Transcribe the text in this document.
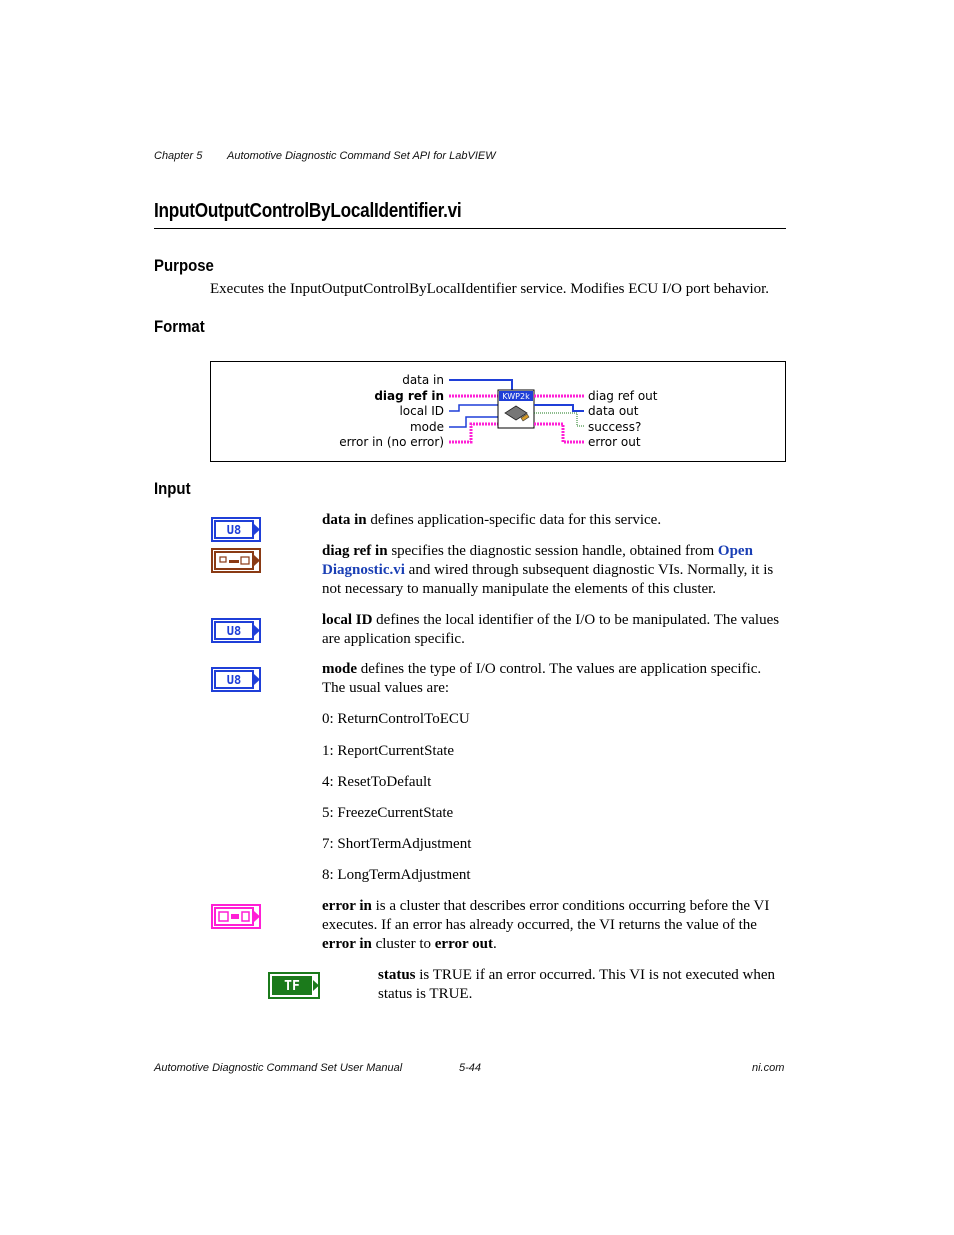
Chapter 5 Automotive Diagnostic Command Set API for LabVIEW
InputOutputControlByLocalIdentifier.vi
Purpose
Executes the InputOutputControlByLocalIdentifier service. Modifies ECU I/O port behavior.
Format
data in
diag ref in
local ID
mode
error in (no error)
KWP2k	diag ref out
data out
success?
error out
Input
U8
U8
U8
TF
data in defines application-specific data for this service.
diag ref in specifies the diagnostic session handle, obtained from Open Diagnostic.vi and wired through subsequent diagnostic VIs. Normally, it is not necessary to manually manipulate the elements of this cluster.
local ID defines the local identifier of the I/O to be manipulated. The values are application specific.
mode defines the type of I/O control. The values are application specific. The usual values are:
0: ReturnControlToECU
1: ReportCurrentState
4: ResetToDefault
5: FreezeCurrentState
7: ShortTermAdjustment
8: LongTermAdjustment
error in is a cluster that describes error conditions occurring before the VI executes. If an error has already occurred, the VI returns the value of the error in cluster to error out.
status is TRUE if an error occurred. This VI is not executed when status is TRUE.
Automotive Diagnostic Command Set User Manual	5-44	ni.com
